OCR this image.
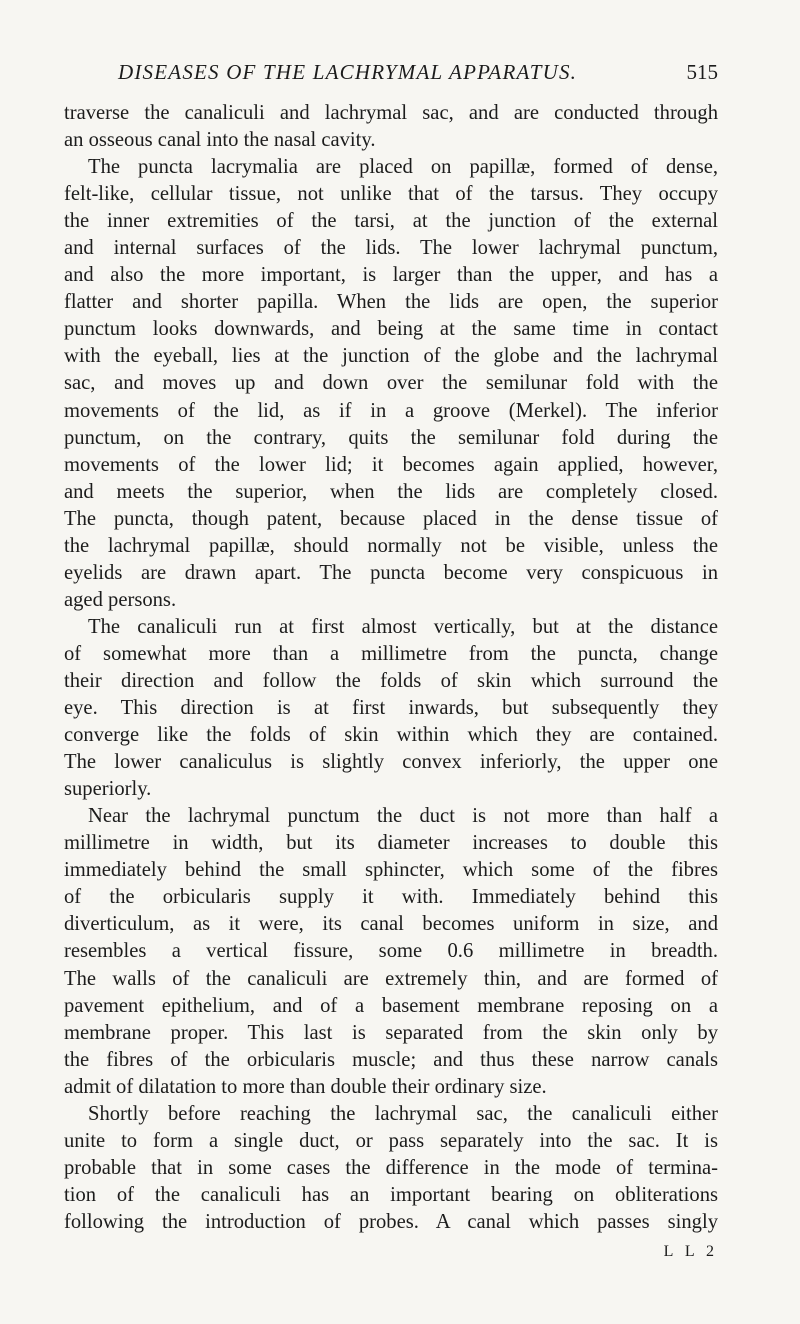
DISEASES OF THE LACHRYMAL APPARATUS.	515
traverse the canaliculi and lachrymal sac, and are conducted through
an osseous canal into the nasal cavity.
The puncta lacrymalia are placed on papillæ, formed of dense,
felt-like, cellular tissue, not unlike that of the tarsus. They occupy
the inner extremities of the tarsi, at the junction of the external
and internal surfaces of the lids. The lower lachrymal punctum,
and also the more important, is larger than the upper, and has a
flatter and shorter papilla. When the lids are open, the superior
punctum looks downwards, and being at the same time in contact
with the eyeball, lies at the junction of the globe and the lachrymal
sac, and moves up and down over the semilunar fold with the
movements of the lid, as if in a groove (Merkel). The inferior
punctum, on the contrary, quits the semilunar fold during the
movements of the lower lid; it becomes again applied, however,
and meets the superior, when the lids are completely closed.
The puncta, though patent, because placed in the dense tissue of
the lachrymal papillæ, should normally not be visible, unless the
eyelids are drawn apart. The puncta become very conspicuous in
aged persons.
The canaliculi run at first almost vertically, but at the distance
of somewhat more than a millimetre from the puncta, change
their direction and follow the folds of skin which surround the
eye. This direction is at first inwards, but subsequently they
converge like the folds of skin within which they are contained.
The lower canaliculus is slightly convex inferiorly, the upper one
superiorly.
Near the lachrymal punctum the duct is not more than half a
millimetre in width, but its diameter increases to double this
immediately behind the small sphincter, which some of the fibres
of the orbicularis supply it with. Immediately behind this
diverticulum, as it were, its canal becomes uniform in size, and
resembles a vertical fissure, some 0.6 millimetre in breadth.
The walls of the canaliculi are extremely thin, and are formed of
pavement epithelium, and of a basement membrane reposing on a
membrane proper. This last is separated from the skin only by
the fibres of the orbicularis muscle; and thus these narrow canals
admit of dilatation to more than double their ordinary size.
Shortly before reaching the lachrymal sac, the canaliculi either
unite to form a single duct, or pass separately into the sac. It is
probable that in some cases the difference in the mode of termina-
tion of the canaliculi has an important bearing on obliterations
following the introduction of probes. A canal which passes singly
L L 2
